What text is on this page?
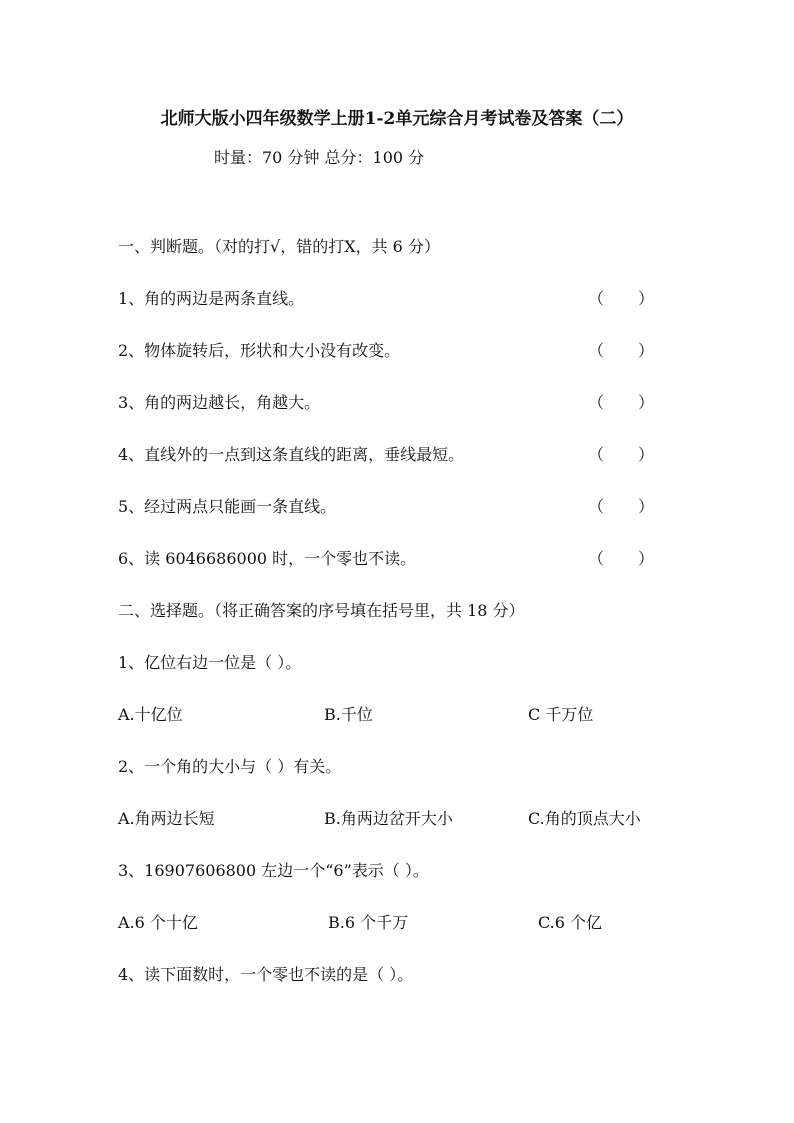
北师大版小四年级数学上册1-2单元综合月考试卷及答案（二）
时量：70 分钟 总分：100 分
一、判断题。（对的打√，错的打X，共 6 分）
1、角的两边是两条直线。	（ ）
2、物体旋转后，形状和大小没有改变。	（ ）
3、角的两边越长，角越大。	（ ）
4、直线外的一点到这条直线的距离，垂线最短。	（ ）
5、经过两点只能画一条直线。	（ ）
6、读 6046686000 时，一个零也不读。	（ ）
二、选择题。（将正确答案的序号填在括号里，共 18 分）
1、亿位右边一位是（ ）。
A.十亿位	B.千位	C 千万位
2、一个角的大小与（ ）有关。
A.角两边长短	B.角两边岔开大小	C.角的顶点大小
3、16907606800 左边一个“6”表示（ ）。
A.6 个十亿	B.6 个千万	C.6 个亿
4、读下面数时，一个零也不读的是（ ）。
